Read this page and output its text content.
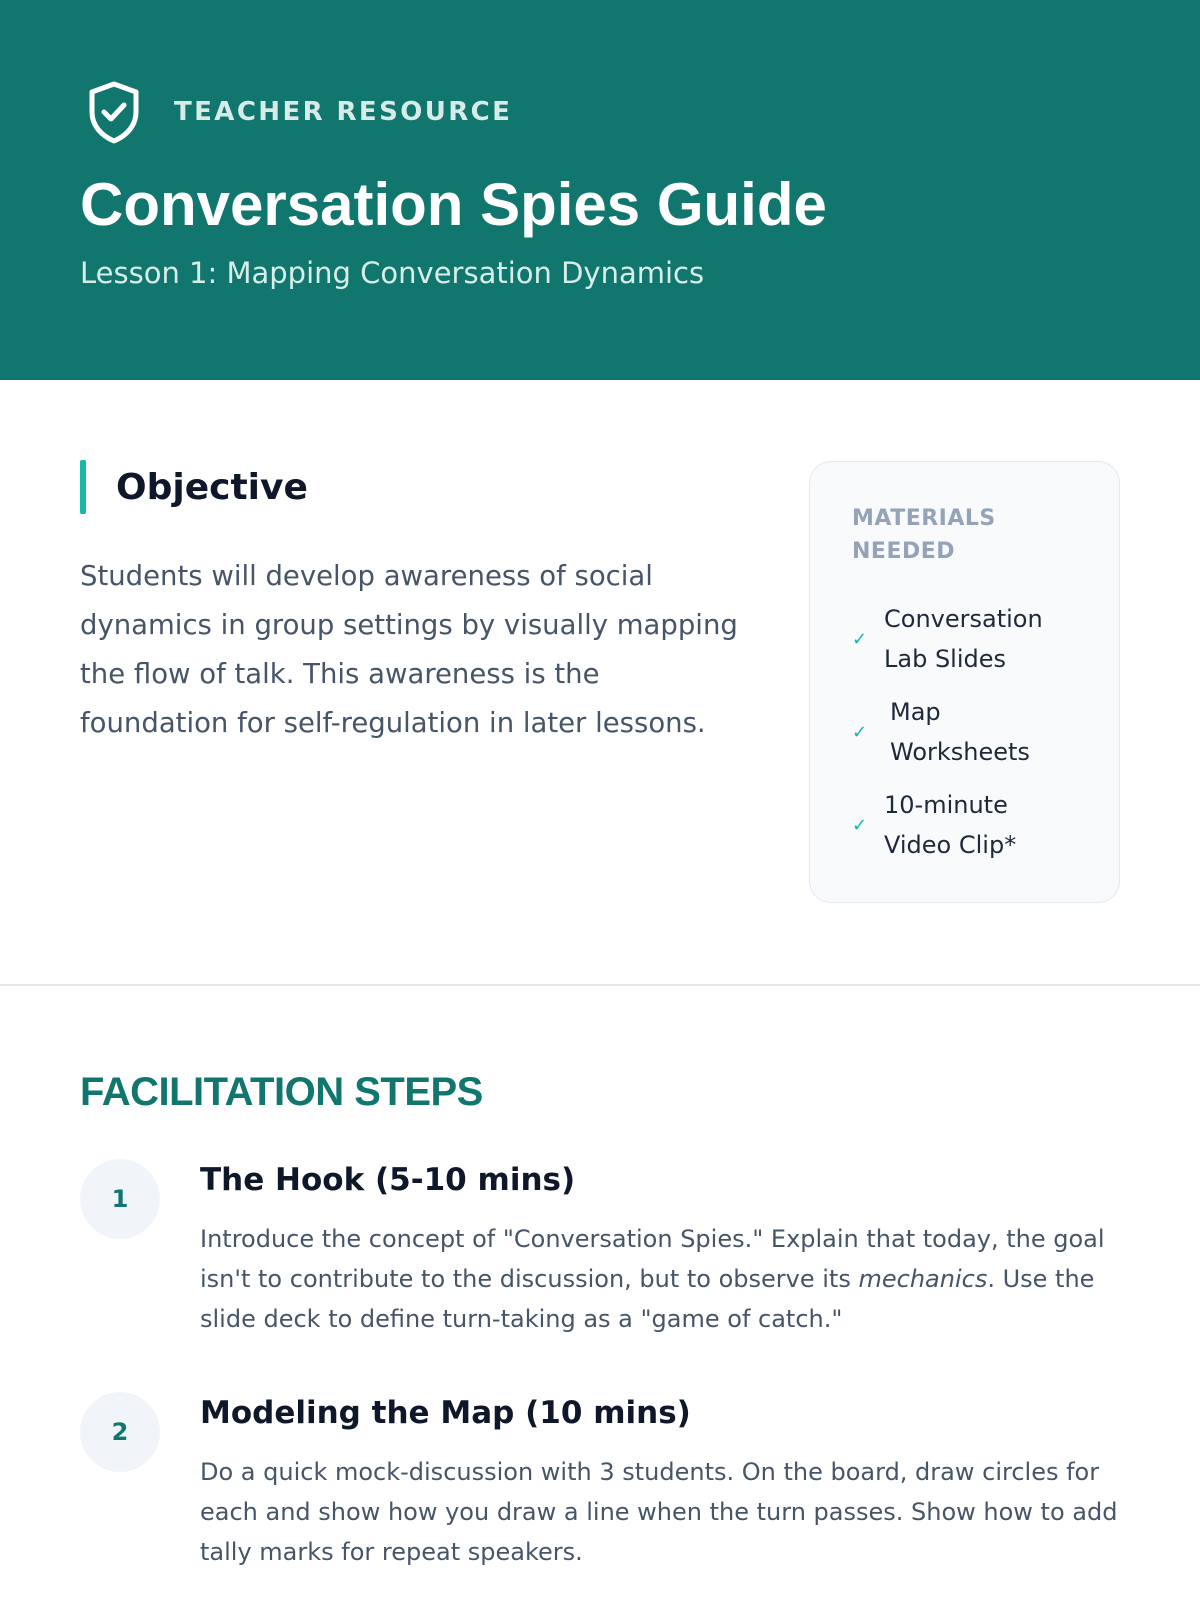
TEACHER RESOURCE
Conversation Spies Guide
Lesson 1: Mapping Conversation Dynamics
Objective

Students will develop awareness of social dynamics in group settings by visually mapping the flow of talk. This awareness is the foundation for self-regulation in later lessons.

MATERIALS NEEDED
✓
Conversation Lab Slides
✓
Map Worksheets
✓
10-minute Video Clip*
FACILITATION STEPS
1
The Hook (5-10 mins)

Introduce the concept of "Conversation Spies." Explain that today, the goal isn't to contribute to the discussion, but to observe its mechanics. Use the slide deck to define turn-taking as a "game of catch."

2
Modeling the Map (10 mins)

Do a quick mock-discussion with 3 students. On the board, draw circles for each and show how you draw a line when the turn passes. Show how to add tally marks for repeat speakers.
